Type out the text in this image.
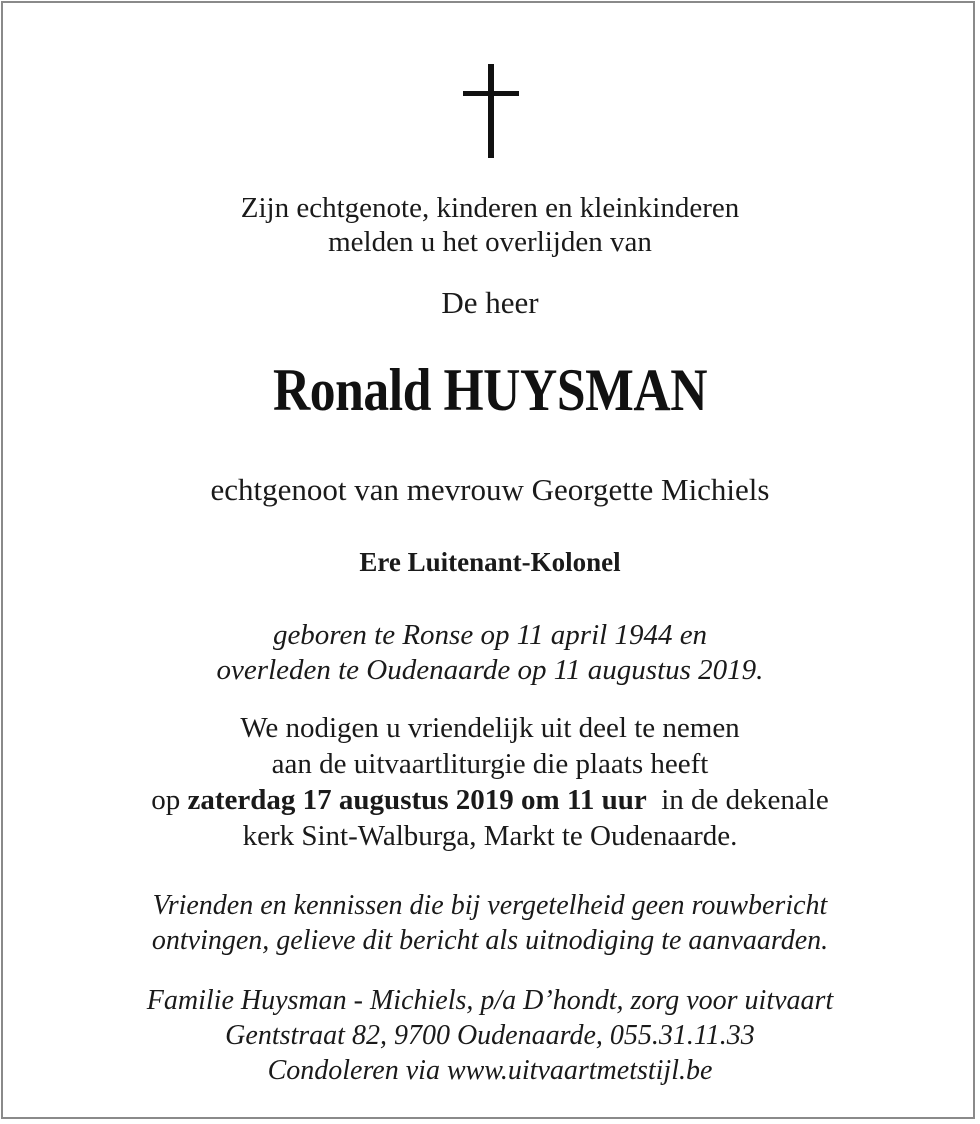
Zijn echtgenote, kinderen en kleinkinderen
melden u het overlijden van
De heer
Ronald HUYSMAN
echtgenoot van mevrouw Georgette Michiels
Ere Luitenant-Kolonel
geboren te Ronse op 11 april 1944 en
overleden te Oudenaarde op 11 augustus 2019.
We nodigen u vriendelijk uit deel te nemen
aan de uitvaartliturgie die plaats heeft
op zaterdag 17 augustus 2019 om 11 uur  in de dekenale
kerk Sint-Walburga, Markt te Oudenaarde.
Vrienden en kennissen die bij vergetelheid geen rouwbericht
ontvingen, gelieve dit bericht als uitnodiging te aanvaarden.
Familie Huysman - Michiels, p/a D’hondt, zorg voor uitvaart
Gentstraat 82, 9700 Oudenaarde, 055.31.11.33
Condoleren via www.uitvaartmetstijl.be
